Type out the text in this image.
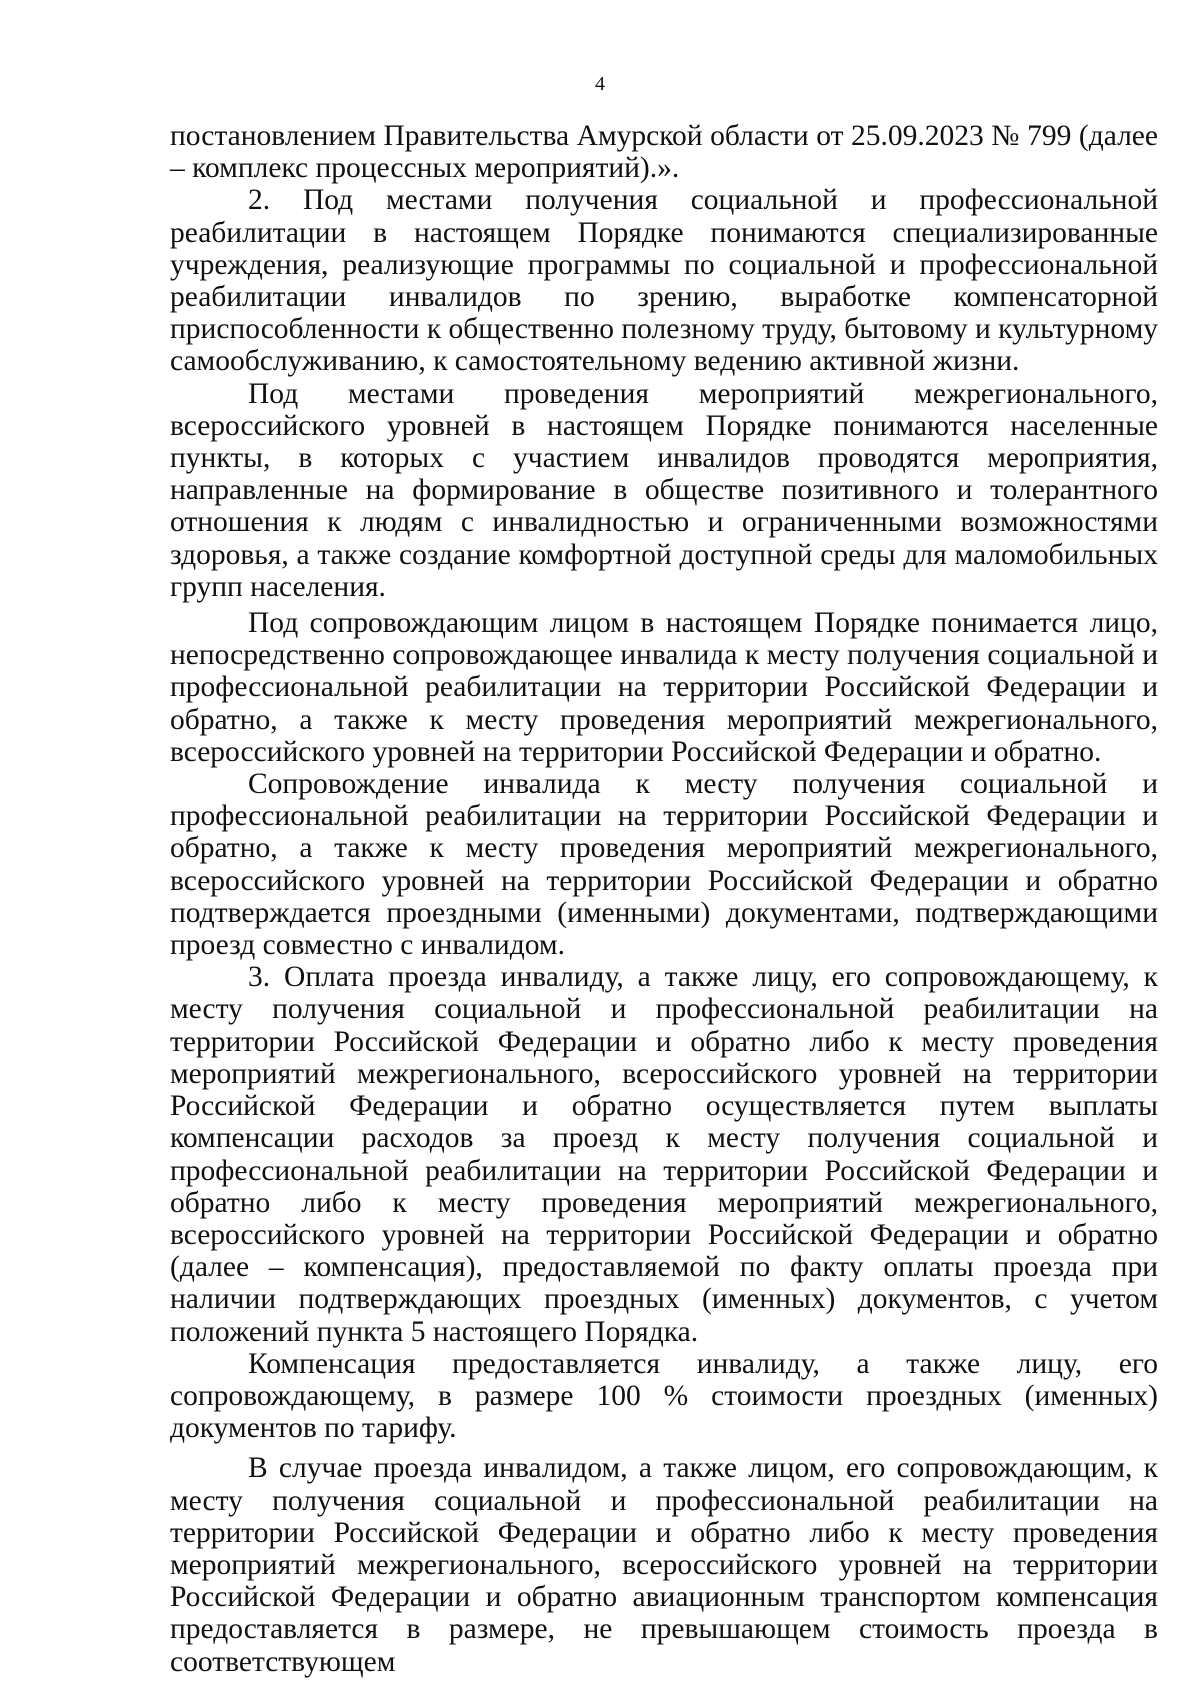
4

постановлением Правительства Амурской области от 25.09.2023 № 799 (далее – комплекс процессных мероприятий).».

2. Под местами получения социальной и профессиональной реабилитации в настоящем Порядке понимаются специализированные учреждения, реализующие программы по социальной и профессиональной реабилитации инвалидов по зрению, выработке компенсаторной приспособленности к общественно полезному труду, бытовому и культурному самообслуживанию, к самостоятельному ведению активной жизни.

Под местами проведения мероприятий межрегионального, всероссийского уровней в настоящем Порядке понимаются населенные пункты, в которых с участием инвалидов проводятся мероприятия, направленные на формирование в обществе позитивного и толерантного отношения к людям с инвалидностью и ограниченными возможностями здоровья, а также создание комфортной доступной среды для маломобильных групп населения.

Под сопровождающим лицом в настоящем Порядке понимается лицо, непосредственно сопровождающее инвалида к месту получения социальной и профессиональной реабилитации на территории Российской Федерации и обратно, а также к месту проведения мероприятий межрегионального, всероссийского уровней на территории Российской Федерации и обратно.

Сопровождение инвалида к месту получения социальной и профессиональной реабилитации на территории Российской Федерации и обратно, а также к месту проведения мероприятий межрегионального, всероссийского уровней на территории Российской Федерации и обратно подтверждается проездными (именными) документами, подтверждающими проезд совместно с инвалидом.

3. Оплата проезда инвалиду, а также лицу, его сопровождающему, к месту получения социальной и профессиональной реабилитации на территории Российской Федерации и обратно либо к месту проведения мероприятий межрегионального, всероссийского уровней на территории Российской Федерации и обратно осуществляется путем выплаты компенсации расходов за проезд к месту получения социальной и профессиональной реабилитации на территории Российской Федерации и обратно либо к месту проведения мероприятий межрегионального, всероссийского уровней на территории Российской Федерации и обратно (далее – компенсация), предоставляемой по факту оплаты проезда при наличии подтверждающих проездных (именных) документов, с учетом положений пункта 5 настоящего Порядка.

Компенсация предоставляется инвалиду, а также лицу, его сопровождающему, в размере 100 % стоимости проездных (именных) документов по тарифу.

В случае проезда инвалидом, а также лицом, его сопровождающим, к месту получения социальной и профессиональной реабилитации на территории Российской Федерации и обратно либо к месту проведения мероприятий межрегионального, всероссийского уровней на территории Российской Федерации и обратно авиационным транспортом компенсация предоставляется в размере, не превышающем стоимость проезда в соответствующем
